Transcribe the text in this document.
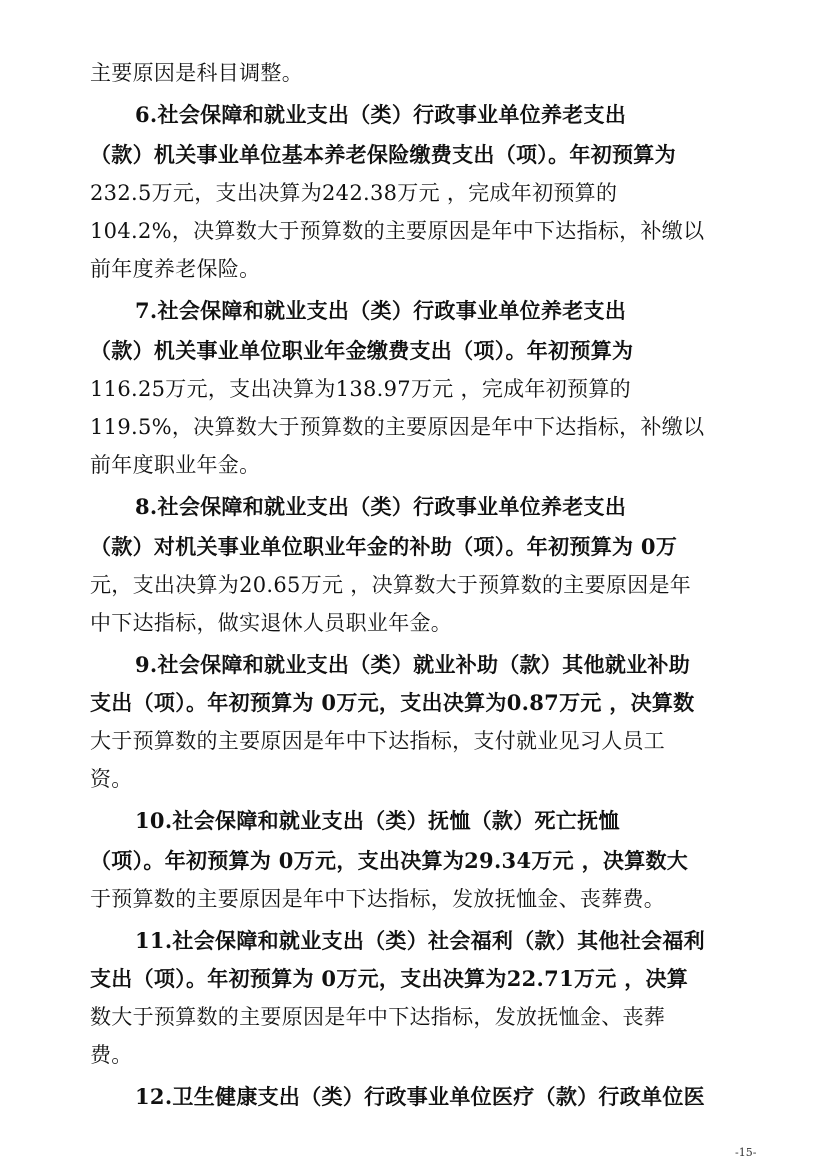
主要原因是科目调整。
6.社会保障和就业支出（类）行政事业单位养老支出
（款）机关事业单位基本养老保险缴费支出（项）。年初预算为
232.5万元，支出决算为242.38万元 ，完成年初预算的
104.2%，决算数大于预算数的主要原因是年中下达指标，补缴以
前年度养老保险。
7.社会保障和就业支出（类）行政事业单位养老支出
（款）机关事业单位职业年金缴费支出（项）。年初预算为
116.25万元，支出决算为138.97万元 ，完成年初预算的
119.5%，决算数大于预算数的主要原因是年中下达指标，补缴以
前年度职业年金。
8.社会保障和就业支出（类）行政事业单位养老支出
（款）对机关事业单位职业年金的补助（项）。年初预算为 0万
元，支出决算为20.65万元 ，决算数大于预算数的主要原因是年
中下达指标，做实退休人员职业年金。
9.社会保障和就业支出（类）就业补助（款）其他就业补助
支出（项）。年初预算为 0万元，支出决算为0.87万元 ，决算数
大于预算数的主要原因是年中下达指标，支付就业见习人员工
资。
10.社会保障和就业支出（类）抚恤（款）死亡抚恤
（项）。年初预算为 0万元，支出决算为29.34万元 ，决算数大
于预算数的主要原因是年中下达指标，发放抚恤金、丧葬费。
11.社会保障和就业支出（类）社会福利（款）其他社会福利
支出（项）。年初预算为 0万元，支出决算为22.71万元 ，决算
数大于预算数的主要原因是年中下达指标，发放抚恤金、丧葬
费。
12.卫生健康支出（类）行政事业单位医疗（款）行政单位医
-15-
